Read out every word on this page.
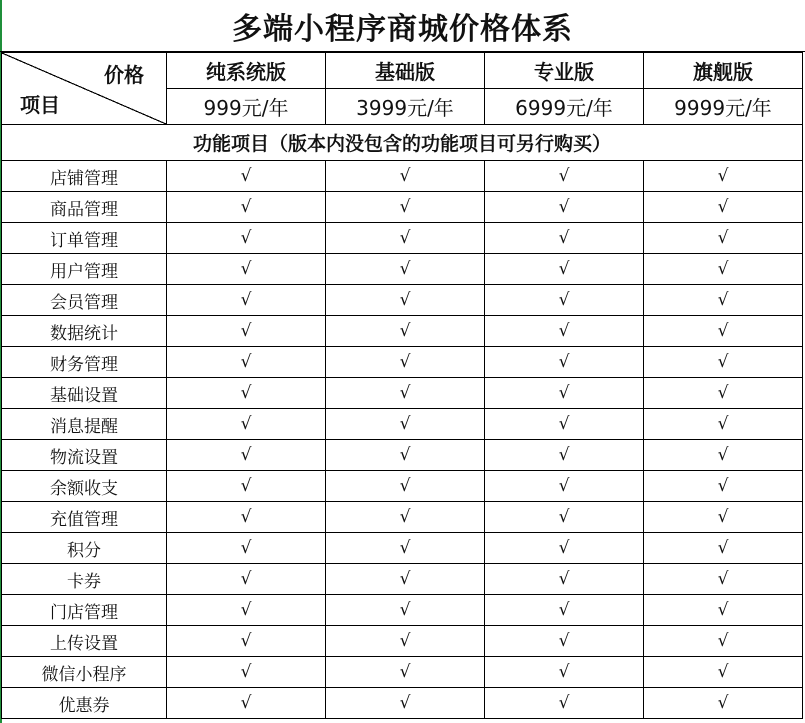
多端小程序商城价格体系
价格
项目	纯系统版	基础版	专业版	旗舰版
	999元/年	3999元/年	6999元/年	9999元/年
功能项目（版本内没包含的功能项目可另行购买）				
店铺管理	√	√	√	√
商品管理	√	√	√	√
订单管理	√	√	√	√
用户管理	√	√	√	√
会员管理	√	√	√	√
数据统计	√	√	√	√
财务管理	√	√	√	√
基础设置	√	√	√	√
消息提醒	√	√	√	√
物流设置	√	√	√	√
余额收支	√	√	√	√
充值管理	√	√	√	√
积分	√	√	√	√
卡券	√	√	√	√
门店管理	√	√	√	√
上传设置	√	√	√	√
微信小程序	√	√	√	√
优惠券	√	√	√	√
